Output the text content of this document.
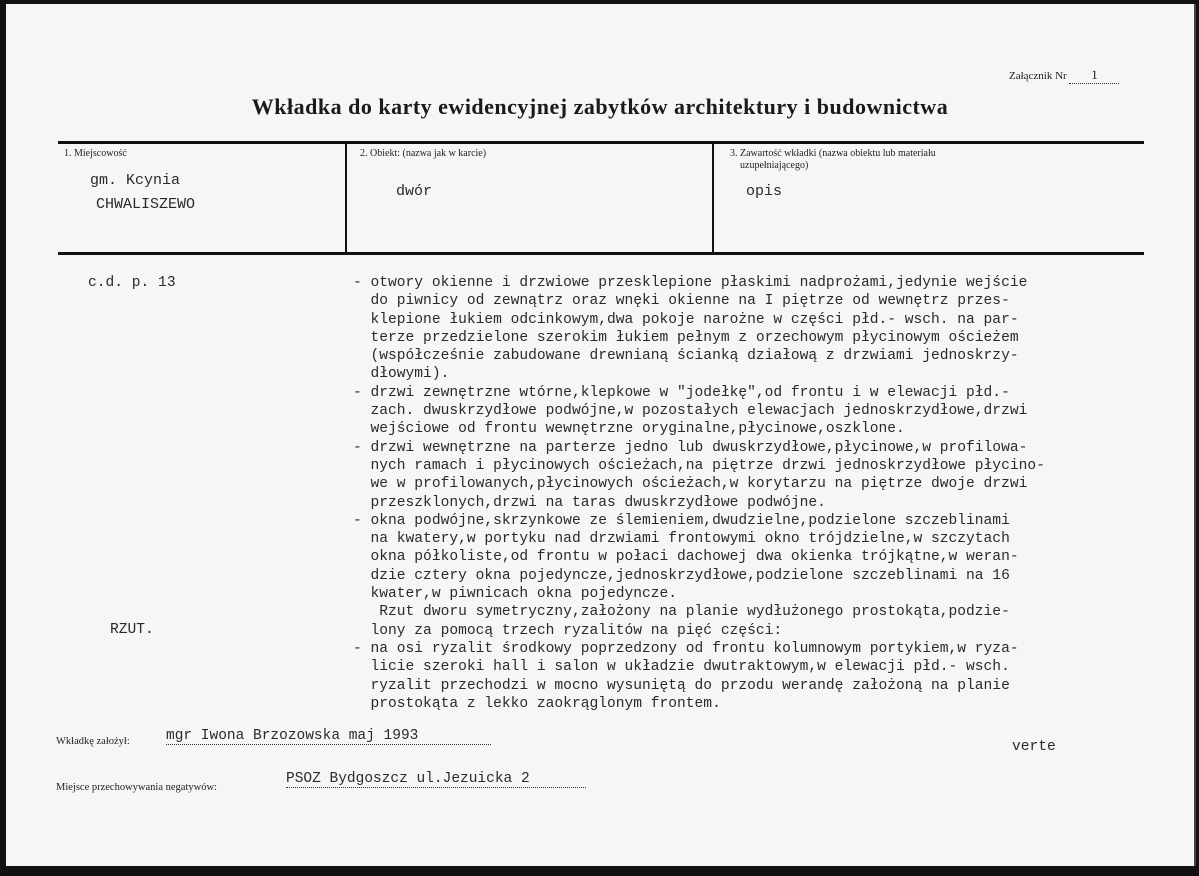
Załącznik Nr 1
Wkładka do karty ewidencyjnej zabytków architektury i budownictwa
1. Miejscowość
gm. Kcynia
CHWALISZEWO
2. Obiekt: (nazwa jak w karcie)
dwór
3. Zawartość wkładki (nazwa obiektu lub materiału
uzupełniającego)
opis
c.d. p. 13
RZUT.
- otwory okienne i drzwiowe przesklepione płaskimi nadprożami,jedynie wejście
do piwnicy od zewnątrz oraz wnęki okienne na I piętrze od wewnętrz przes-
klepione łukiem odcinkowym,dwa pokoje narożne w części płd.- wsch. na par-
terze przedzielone szerokim łukiem pełnym z orzechowym płycinowym ościeżem
(współcześnie zabudowane drewnianą ścianką działową z drzwiami jednoskrzy-
dłowymi).
- drzwi zewnętrzne wtórne,klepkowe w "jodełkę",od frontu i w elewacji płd.-
zach. dwuskrzydłowe podwójne,w pozostałych elewacjach jednoskrzydłowe,drzwi
wejściowe od frontu wewnętrzne oryginalne,płycinowe,oszklone.
- drzwi wewnętrzne na parterze jedno lub dwuskrzydłowe,płycinowe,w profilowa-
nych ramach i płycinowych ościeżach,na piętrze drzwi jednoskrzydłowe płycino-
we w profilowanych,płycinowych ościeżach,w korytarzu na piętrze dwoje drzwi
przeszklonych,drzwi na taras dwuskrzydłowe podwójne.
- okna podwójne,skrzynkowe ze ślemieniem,dwudzielne,podzielone szczeblinami
na kwatery,w portyku nad drzwiami frontowymi okno trójdzielne,w szczytach
okna półkoliste,od frontu w połaci dachowej dwa okienka trójkątne,w weran-
dzie cztery okna pojedyncze,jednoskrzydłowe,podzielone szczeblinami na 16
kwater,w piwnicach okna pojedyncze.
Rzut dworu symetryczny,założony na planie wydłużonego prostokąta,podzie-
lony za pomocą trzech ryzalitów na pięć części:
- na osi ryzalit środkowy poprzedzony od frontu kolumnowym portykiem,w ryza-
licie szeroki hall i salon w układzie dwutraktowym,w elewacji płd.- wsch.
ryzalit przechodzi w mocno wysuniętą do przodu werandę założoną na planie
prostokąta z lekko zaokrąglonym frontem.
Wkładkę założył: mgr Iwona Brzozowska maj 1993
verte
Miejsce przechowywania negatywów:
PSOZ Bydgoszcz ul.Jezuicka 2
